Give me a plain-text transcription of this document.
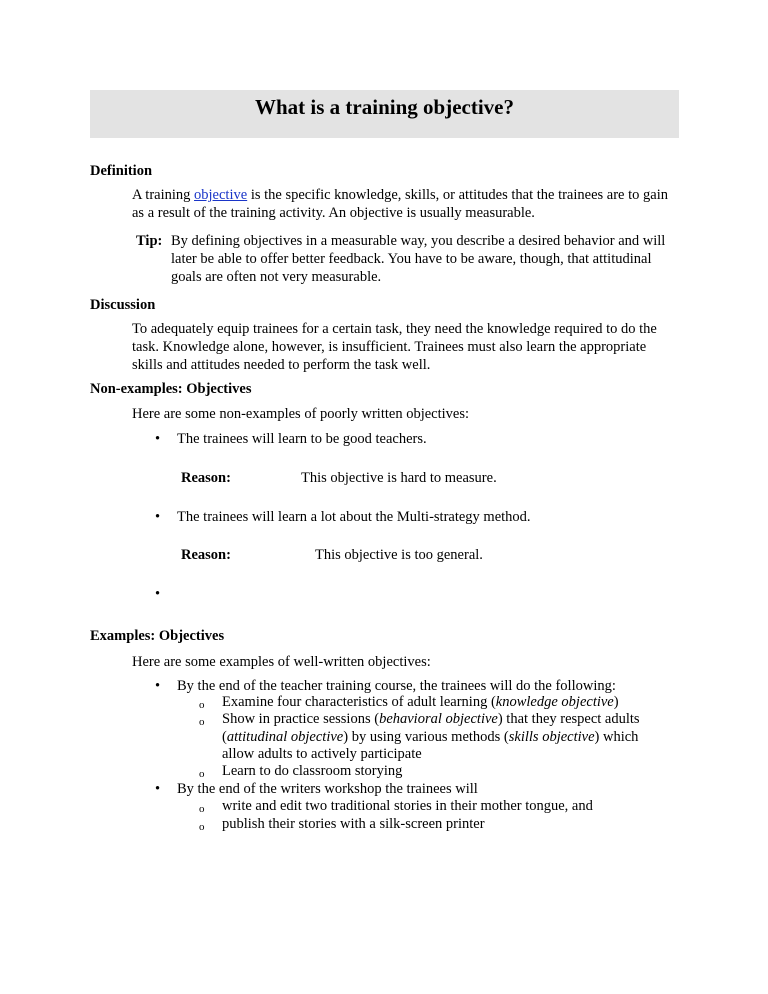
What is a training objective?
Definition
A training objective is the specific knowledge, skills, or attitudes that the trainees are to gain as a result of the training activity. An objective is usually measurable.
Tip: By defining objectives in a measurable way, you describe a desired behavior and will later be able to offer better feedback. You have to be aware, though, that attitudinal goals are often not very measurable.
Discussion
To adequately equip trainees for a certain task, they need the knowledge required to do the task. Knowledge alone, however, is insufficient. Trainees must also learn the appropriate skills and attitudes needed to perform the task well.
Non-examples: Objectives
Here are some non-examples of poorly written objectives:
• The trainees will learn to be good teachers.
Reason:	This objective is hard to measure.
• The trainees will learn a lot about the Multi-strategy method.
Reason:	This objective is too general.
•
Examples: Objectives
Here are some examples of well-written objectives:
• By the end of the teacher training course, the trainees will do the following:
o Examine four characteristics of adult learning (knowledge objective)
o Show in practice sessions (behavioral objective) that they respect adults (attitudinal objective) by using various methods (skills objective) which allow adults to actively participate
o Learn to do classroom storying
• By the end of the writers workshop the trainees will
o write and edit two traditional stories in their mother tongue, and
o publish their stories with a silk-screen printer
